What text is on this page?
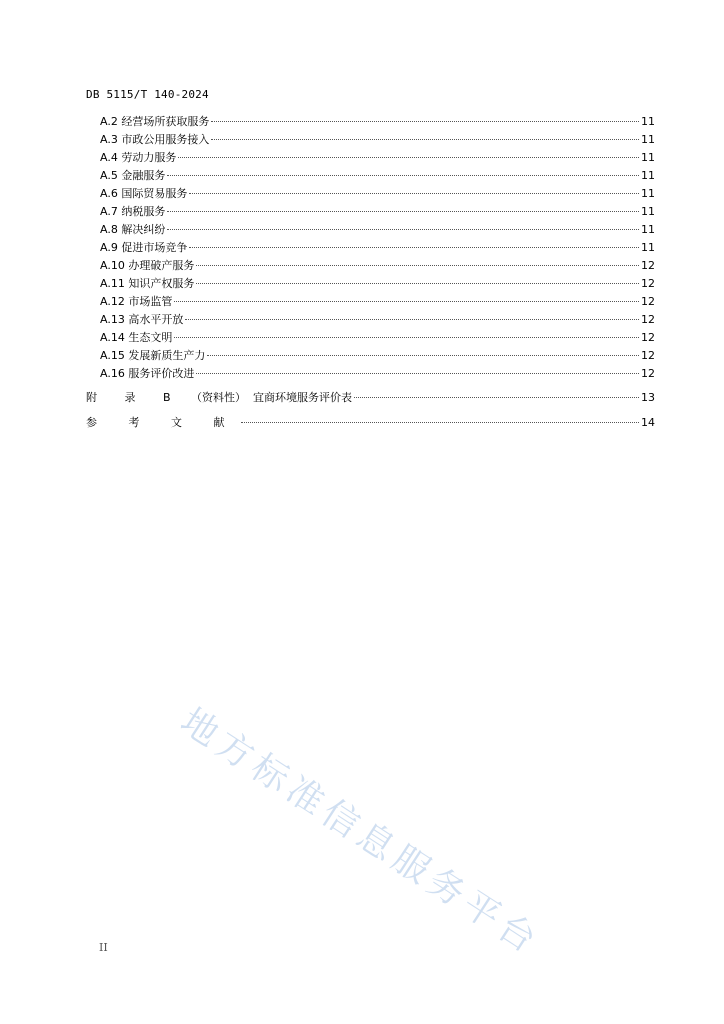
DB 5115/T 140-2024
A.2 经营场所获取服务	11
A.3 市政公用服务接入	11
A.4 劳动力服务	11
A.5 金融服务	11
A.6 国际贸易服务	11
A.7 纳税服务	11
A.8 解决纠纷	11
A.9 促进市场竞争	11
A.10 办理破产服务	12
A.11 知识产权服务	12
A.12 市场监管	12
A.13 高水平开放	12
A.14 生态文明	12
A.15 发展新质生产力	12
A.16 服务评价改进	12
附 录 B （资料性） 宜商环境服务评价表	13
参 考 文 献	14
地方标准信息服务平台
II
